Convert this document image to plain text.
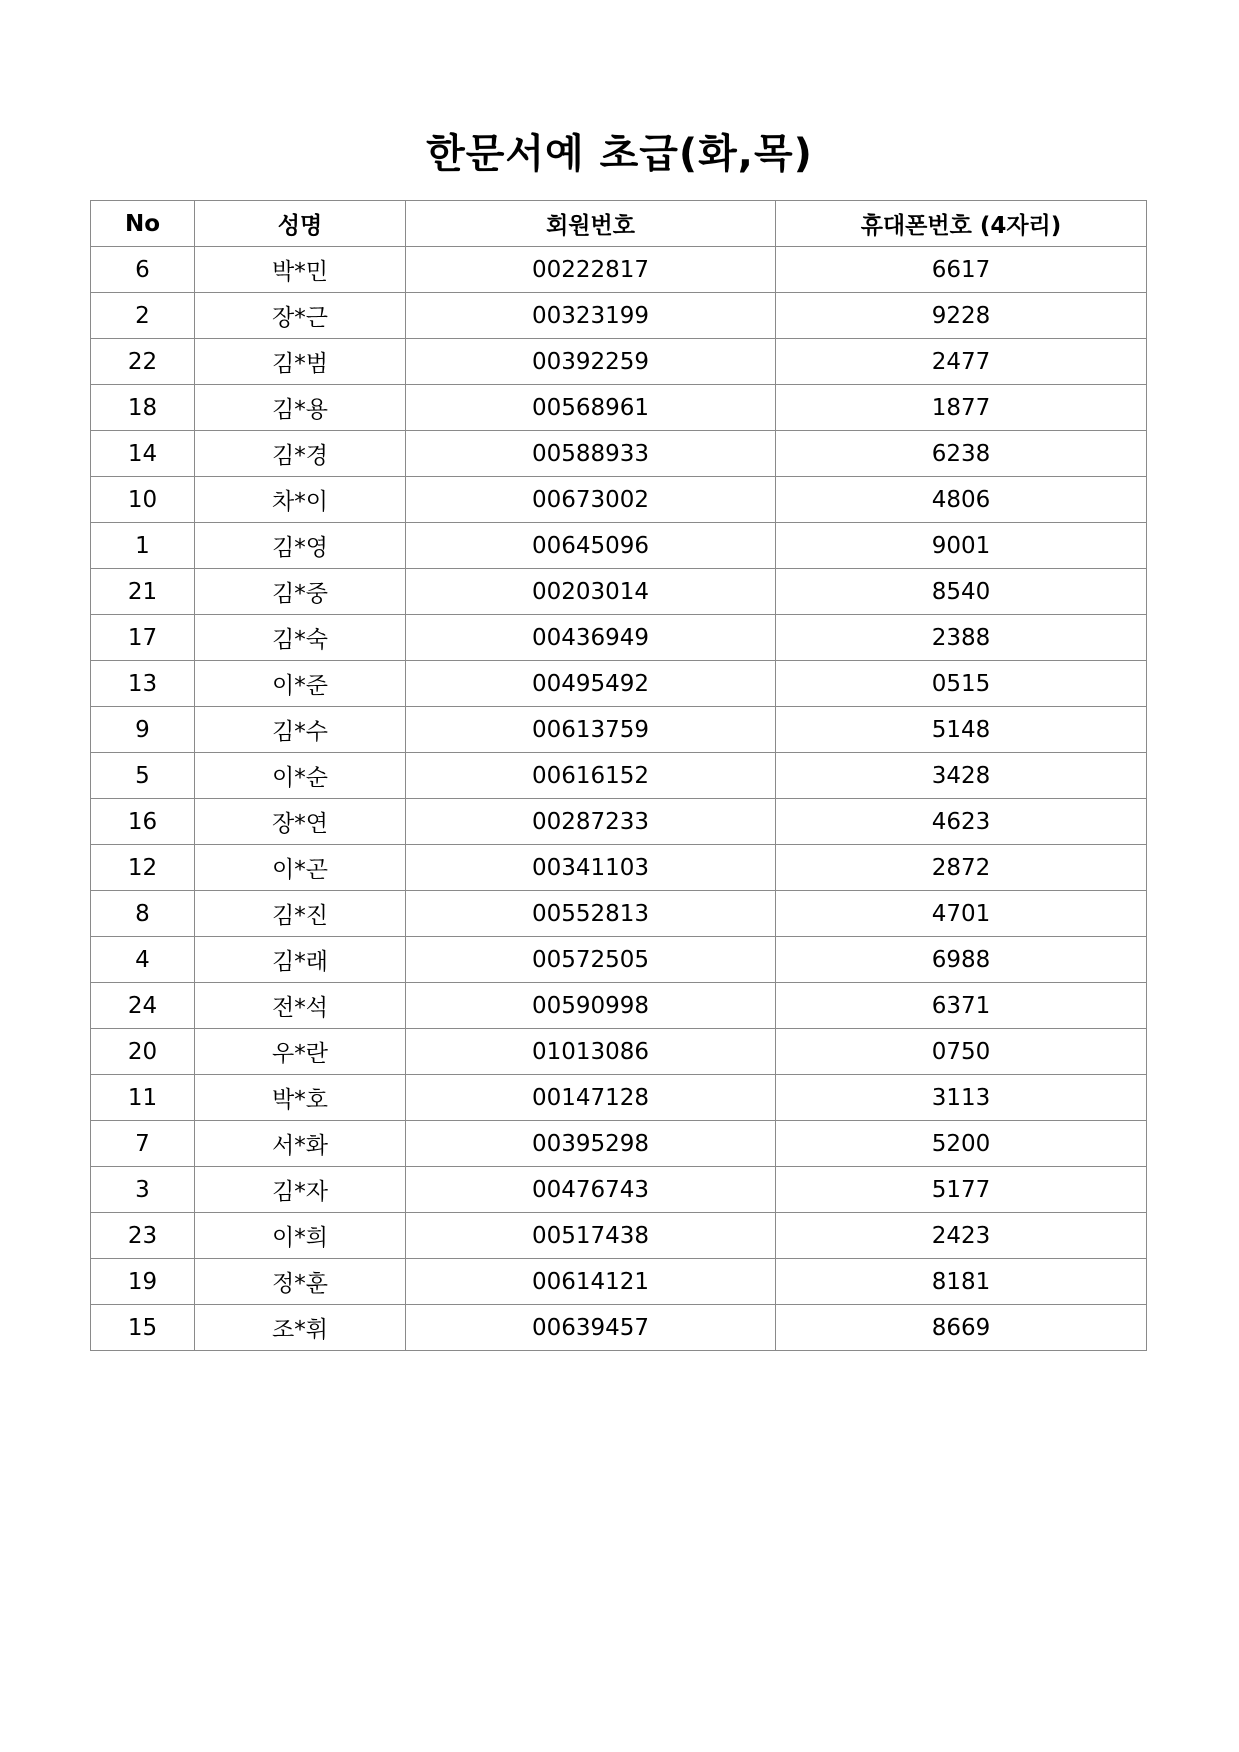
한문서예 초급(화,목)
No	성명	회원번호	휴대폰번호 (4자리)
6	박*민	00222817	6617
2	장*근	00323199	9228
22	김*범	00392259	2477
18	김*용	00568961	1877
14	김*경	00588933	6238
10	차*이	00673002	4806
1	김*영	00645096	9001
21	김*중	00203014	8540
17	김*숙	00436949	2388
13	이*준	00495492	0515
9	김*수	00613759	5148
5	이*순	00616152	3428
16	장*연	00287233	4623
12	이*곤	00341103	2872
8	김*진	00552813	4701
4	김*래	00572505	6988
24	전*석	00590998	6371
20	우*란	01013086	0750
11	박*호	00147128	3113
7	서*화	00395298	5200
3	김*자	00476743	5177
23	이*희	00517438	2423
19	정*훈	00614121	8181
15	조*휘	00639457	8669
